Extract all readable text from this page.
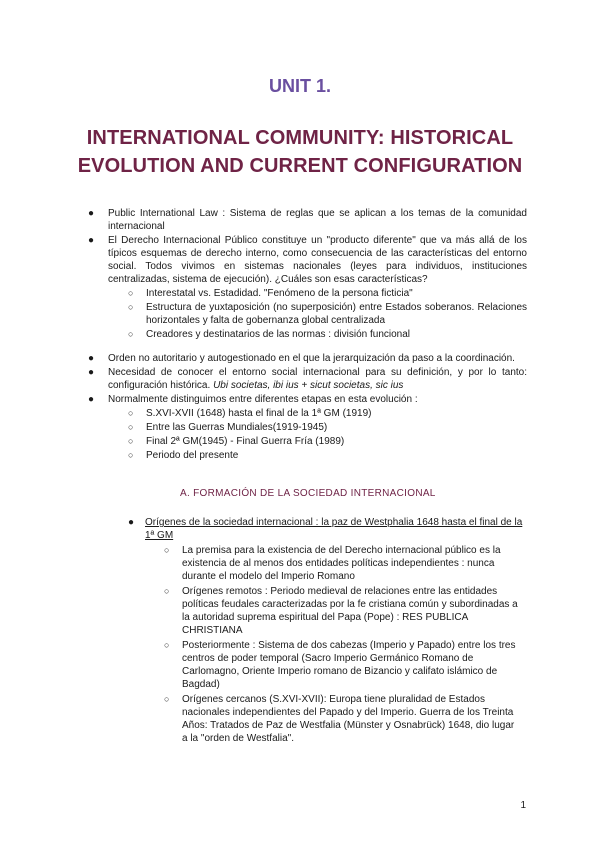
UNIT 1.
INTERNATIONAL COMMUNITY: HISTORICAL EVOLUTION AND CURRENT CONFIGURATION
● Public International Law : Sistema de reglas que se aplican a los temas de la comunidad internacional
● El Derecho Internacional Público constituye un "producto diferente" que va más allá de los típicos esquemas de derecho interno, como consecuencia de las características del entorno social. Todos vivimos en sistemas nacionales (leyes para individuos, instituciones centralizadas, sistema de ejecución). ¿Cuáles son esas características?
○ Interestatal vs. Estadidad. "Fenómeno de la persona ficticia"
○ Estructura de yuxtaposición (no superposición) entre Estados soberanos. Relaciones horizontales y falta de gobernanza global centralizada
○ Creadores y destinatarios de las normas : división funcional
● Orden no autoritario y autogestionado en el que la jerarquización da paso a la coordinación.
● Necesidad de conocer el entorno social internacional para su definición, y por lo tanto: configuración histórica. Ubi societas, ibi ius + sicut societas, sic ius
● Normalmente distinguimos entre diferentes etapas en esta evolución :
○ S.XVI-XVII (1648) hasta el final de la 1ª GM (1919)
○ Entre las Guerras Mundiales(1919-1945)
○ Final 2ª GM(1945) - Final Guerra Fría (1989)
○ Periodo del presente
A. FORMACIÓN DE LA SOCIEDAD INTERNACIONAL
● Orígenes de la sociedad internacional : la paz de Westphalia 1648 hasta el final de la 1ª GM
○ La premisa para la existencia de del Derecho internacional público es la existencia de al menos dos entidades políticas independientes : nunca durante el modelo del Imperio Romano
○ Orígenes remotos : Periodo medieval de relaciones entre las entidades políticas feudales caracterizadas por la fe cristiana común y subordinadas a la autoridad suprema espiritual del Papa (Pope) : RES PUBLICA CHRISTIANA
○ Posteriormente : Sistema de dos cabezas (Imperio y Papado) entre los tres centros de poder temporal (Sacro Imperio Germánico Romano de Carlomagno, Oriente Imperio romano de Bizancio y califato islámico de Bagdad)
○ Orígenes cercanos (S.XVI-XVII): Europa tiene pluralidad de Estados nacionales independientes del Papado y del Imperio. Guerra de los Treinta Años: Tratados de Paz de Westfalia (Münster y Osnabrück) 1648, dio lugar a la "orden de Westfalia".
1
